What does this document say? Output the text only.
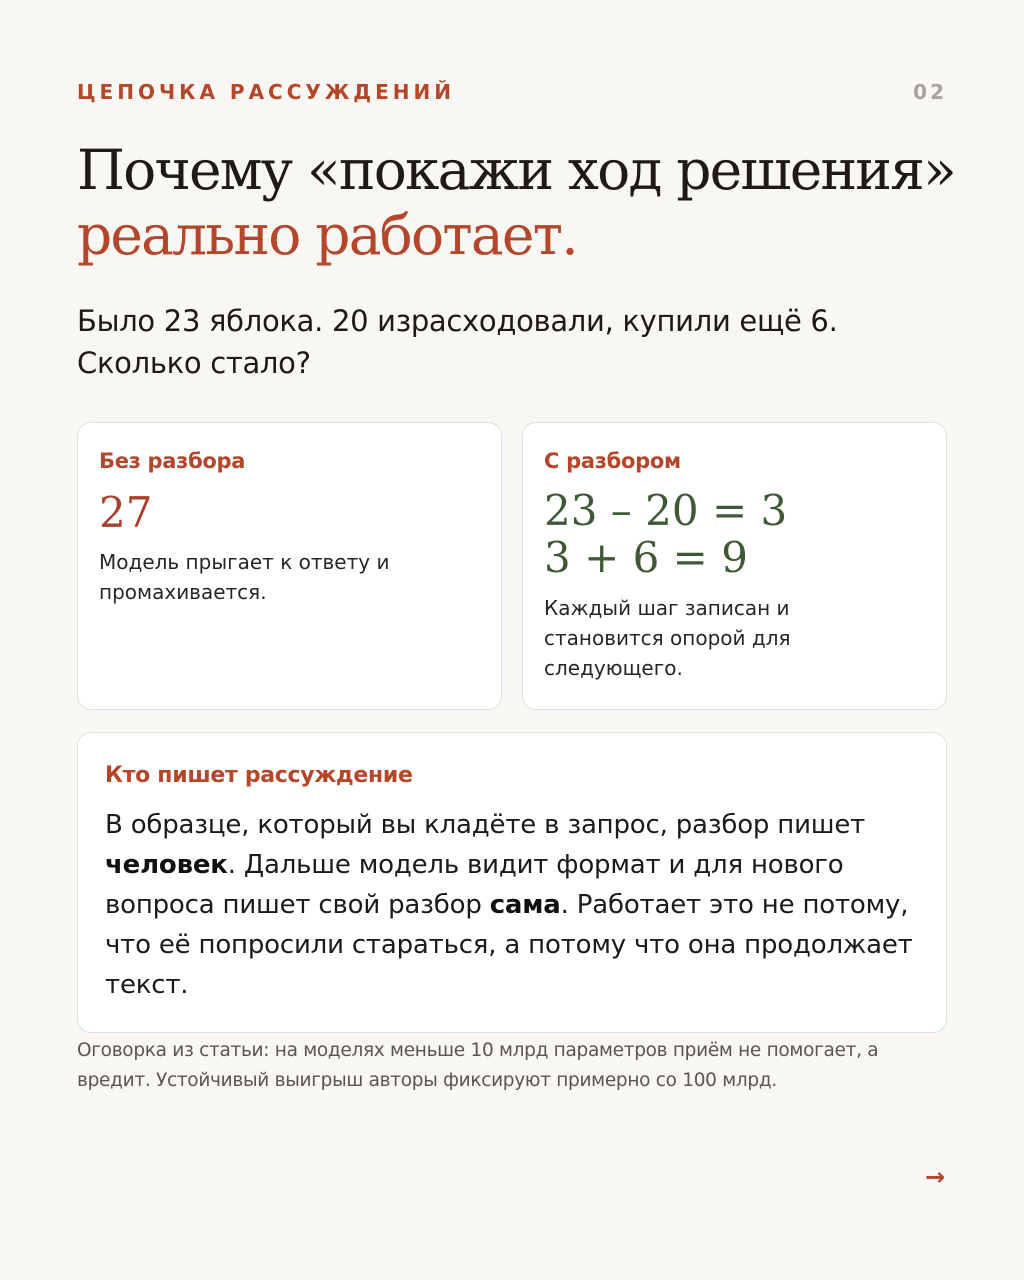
ЦЕПОЧКА РАССУЖДЕНИЙ	02
Почему «покажи ход решения»
реально работает.

Было 23 яблока. 20 израсходовали, купили ещё 6. Сколько стало?

Без разбора
27

Модель прыгает к ответу и промахивается.

С разбором
23 – 20 = 3
3 + 6 = 9

Каждый шаг записан и становится опорой для следующего.

Кто пишет рассуждение

В образце, который вы кладёте в запрос, разбор пишет человек. Дальше модель видит формат и для нового вопроса пишет свой разбор сама. Работает это не потому, что её попросили стараться, а потому что она продолжает текст.

Оговорка из статьи: на моделях меньше 10 млрд параметров приём не помогает, а вредит. Устойчивый выигрыш авторы фиксируют примерно со 100 млрд.

→
